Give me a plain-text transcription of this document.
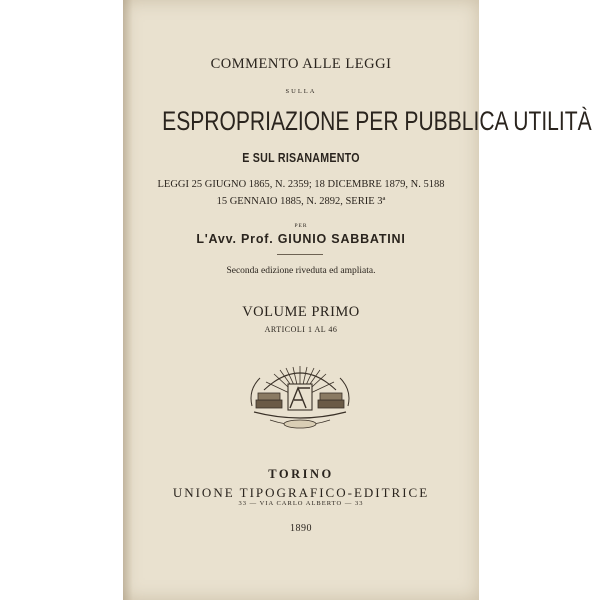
COMMENTO ALLE LEGGI
SULLA
ESPROPRIAZIONE PER PUBBLICA UTILITÀ
E SUL RISANAMENTO
LEGGI 25 GIUGNO 1865, N. 2359; 18 DICEMBRE 1879, N. 5188
15 GENNAIO 1885, N. 2892, SERIE 3ª
PER
L'Avv. Prof. GIUNIO SABBATINI
Seconda edizione riveduta ed ampliata.
VOLUME PRIMO
ARTICOLI 1 AL 46
TORINO
UNIONE TIPOGRAFICO-EDITRICE
33 — VIA CARLO ALBERTO — 33
1890
